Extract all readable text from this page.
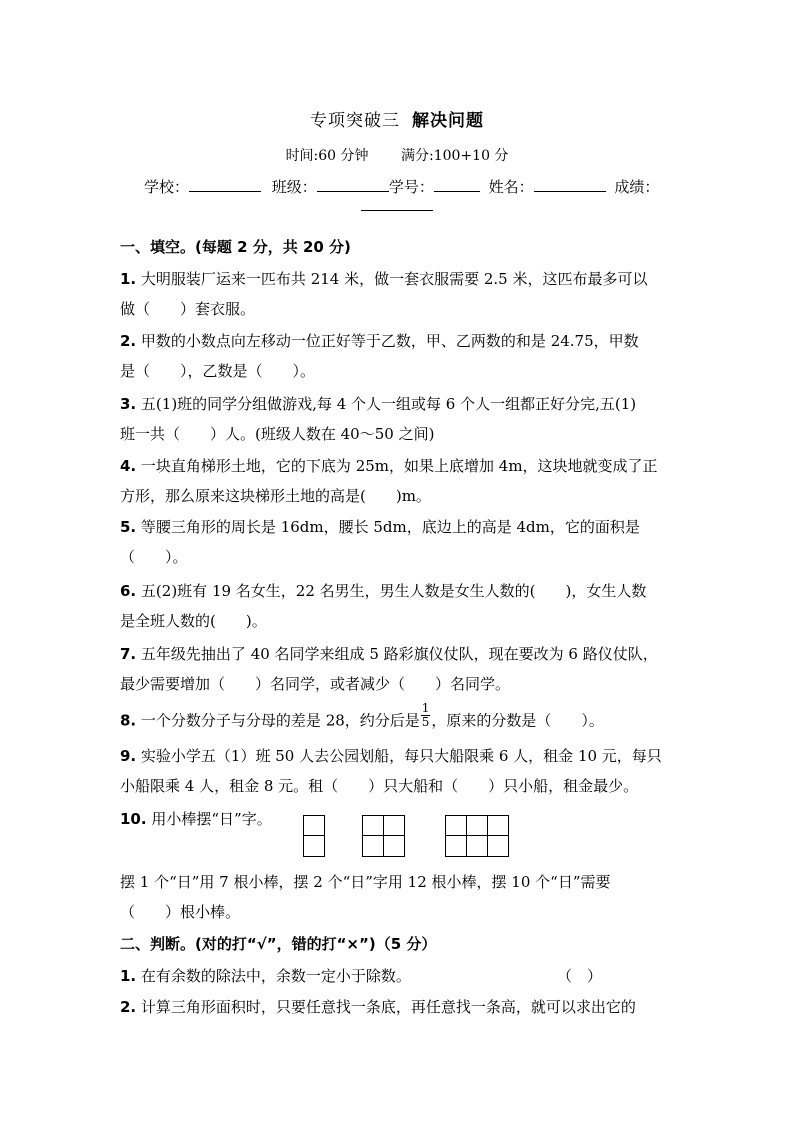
专项突破三 解决问题
时间:60 分钟 满分:100+10 分
学校：	班级：	学号：	姓名：	成绩：
一、填空。(每题 2 分，共 20 分)
1. 大明服装厂运来一匹布共 214 米，做一套衣服需要 2.5 米，这匹布最多可以
做（　　）套衣服。
2. 甲数的小数点向左移动一位正好等于乙数，甲、乙两数的和是 24.75，甲数
是（　　），乙数是（　　）。
3. 五(1)班的同学分组做游戏,每 4 个人一组或每 6 个人一组都正好分完,五(1)
班一共（　　）人。(班级人数在 40～50 之间)
4. 一块直角梯形土地，它的下底为 25m，如果上底增加 4m，这块地就变成了正
方形，那么原来这块梯形土地的高是(　　)m。
5. 等腰三角形的周长是 16dm，腰长 5dm，底边上的高是 4dm，它的面积是
（　　）。
6. 五(2)班有 19 名女生，22 名男生，男生人数是女生人数的(　　)，女生人数
是全班人数的(　　)。
7. 五年级先抽出了 40 名同学来组成 5 路彩旗仪仗队，现在要改为 6 路仪仗队，
最少需要增加（　　）名同学，或者减少（　　）名同学。
8. 一个分数分子与分母的差是 28，约分后是 $\frac{1}{5}$ ，原来的分数是（　　）。
9. 实验小学五（1）班 50 人去公园划船，每只大船限乘 6 人，租金 10 元，每只
小船限乘 4 人，租金 8 元。租（　　）只大船和（　　）只小船，租金最少。
10. 用小棒摆“日”字。
摆 1 个“日”用 7 根小棒，摆 2 个“日”字用 12 根小棒，摆 10 个“日”需要
（　　）根小棒。
二、判断。(对的打“√”，错的打“×”)（5 分）
1. 在有余数的除法中，余数一定小于除数。	（　）
2. 计算三角形面积时，只要任意找一条底，再任意找一条高，就可以求出它的
